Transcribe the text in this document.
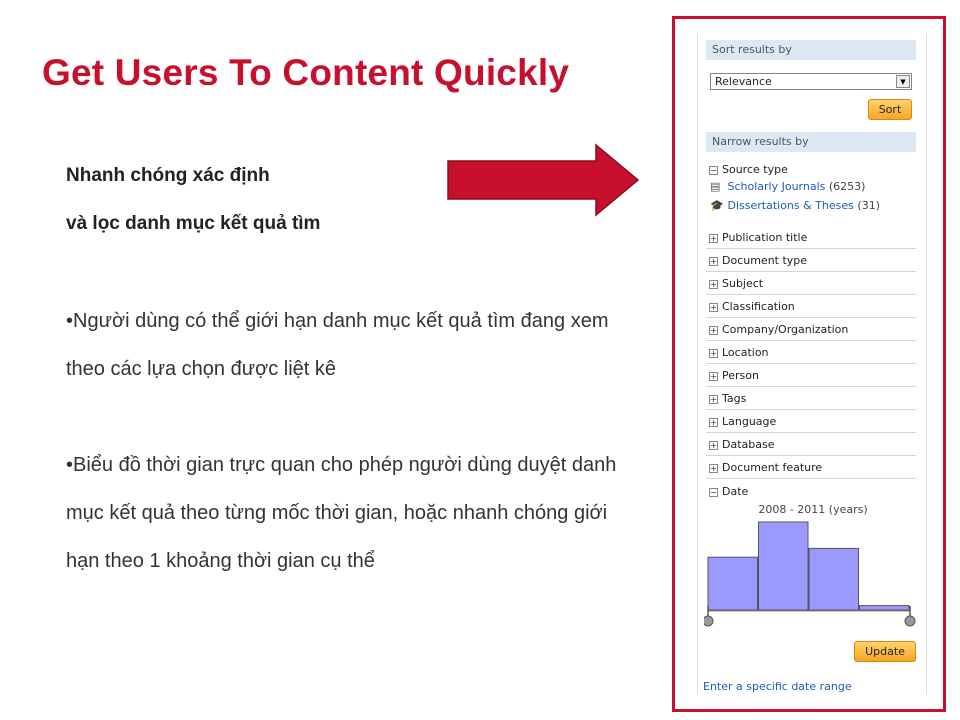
Get Users To Content Quickly
Nhanh chóng xác định
và lọc danh mục kết quả tìm

•Người dùng có thể giới hạn danh mục kết quả tìm đang xem theo các lựa chọn được liệt kê

•Biểu đồ thời gian trực quan cho phép người dùng duyệt danh mục kết quả theo từng mốc thời gian, hoặc nhanh chóng giới hạn theo 1 khoảng thời gian cụ thể

Sort results by
Relevance	▼
Sort
Narrow results by
− Source type
▤ Scholarly Journals (6253)
🎓 Dissertations & Theses (31)
+ Publication title
+ Document type
+ Subject
+ Classification
+ Company/Organization
+ Location
+ Person
+ Tags
+ Language
+ Database
+ Document feature
− Date
2008 - 2011 (years)
Update
Enter a specific date range
